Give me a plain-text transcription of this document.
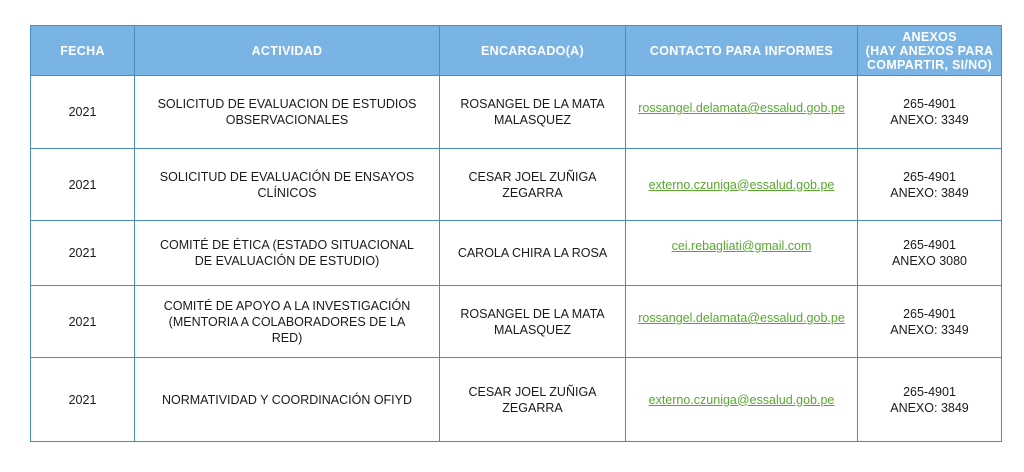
FECHA	ACTIVIDAD	ENCARGADO(A)	CONTACTO PARA INFORMES	ANEXOS
(HAY ANEXOS PARA
COMPARTIR, SI/NO)

2021	SOLICITUD DE EVALUACION DE ESTUDIOS
OBSERVACIONALES	ROSANGEL DE LA MATA
MALASQUEZ	rossangel.delamata@essalud.gob.pe	265-4901
ANEXO: 3349

2021	SOLICITUD DE EVALUACIÓN DE ENSAYOS
CLÍNICOS	CESAR JOEL ZUÑIGA
ZEGARRA	externo.czuniga@essalud.gob.pe	265-4901
ANEXO: 3849

2021	COMITÉ DE ÉTICA (ESTADO SITUACIONAL
DE EVALUACIÓN DE ESTUDIO)	CAROLA CHIRA LA ROSA	cei.rebagliati@gmail.com	265-4901
ANEXO 3080

2021	COMITÉ DE APOYO A LA INVESTIGACIÓN
(MENTORIA A COLABORADORES DE LA
RED)	ROSANGEL DE LA MATA
MALASQUEZ	rossangel.delamata@essalud.gob.pe	265-4901
ANEXO: 3349

2021	NORMATIVIDAD Y COORDINACIÓN OFIYD	CESAR JOEL ZUÑIGA
ZEGARRA	externo.czuniga@essalud.gob.pe	265-4901
ANEXO: 3849
